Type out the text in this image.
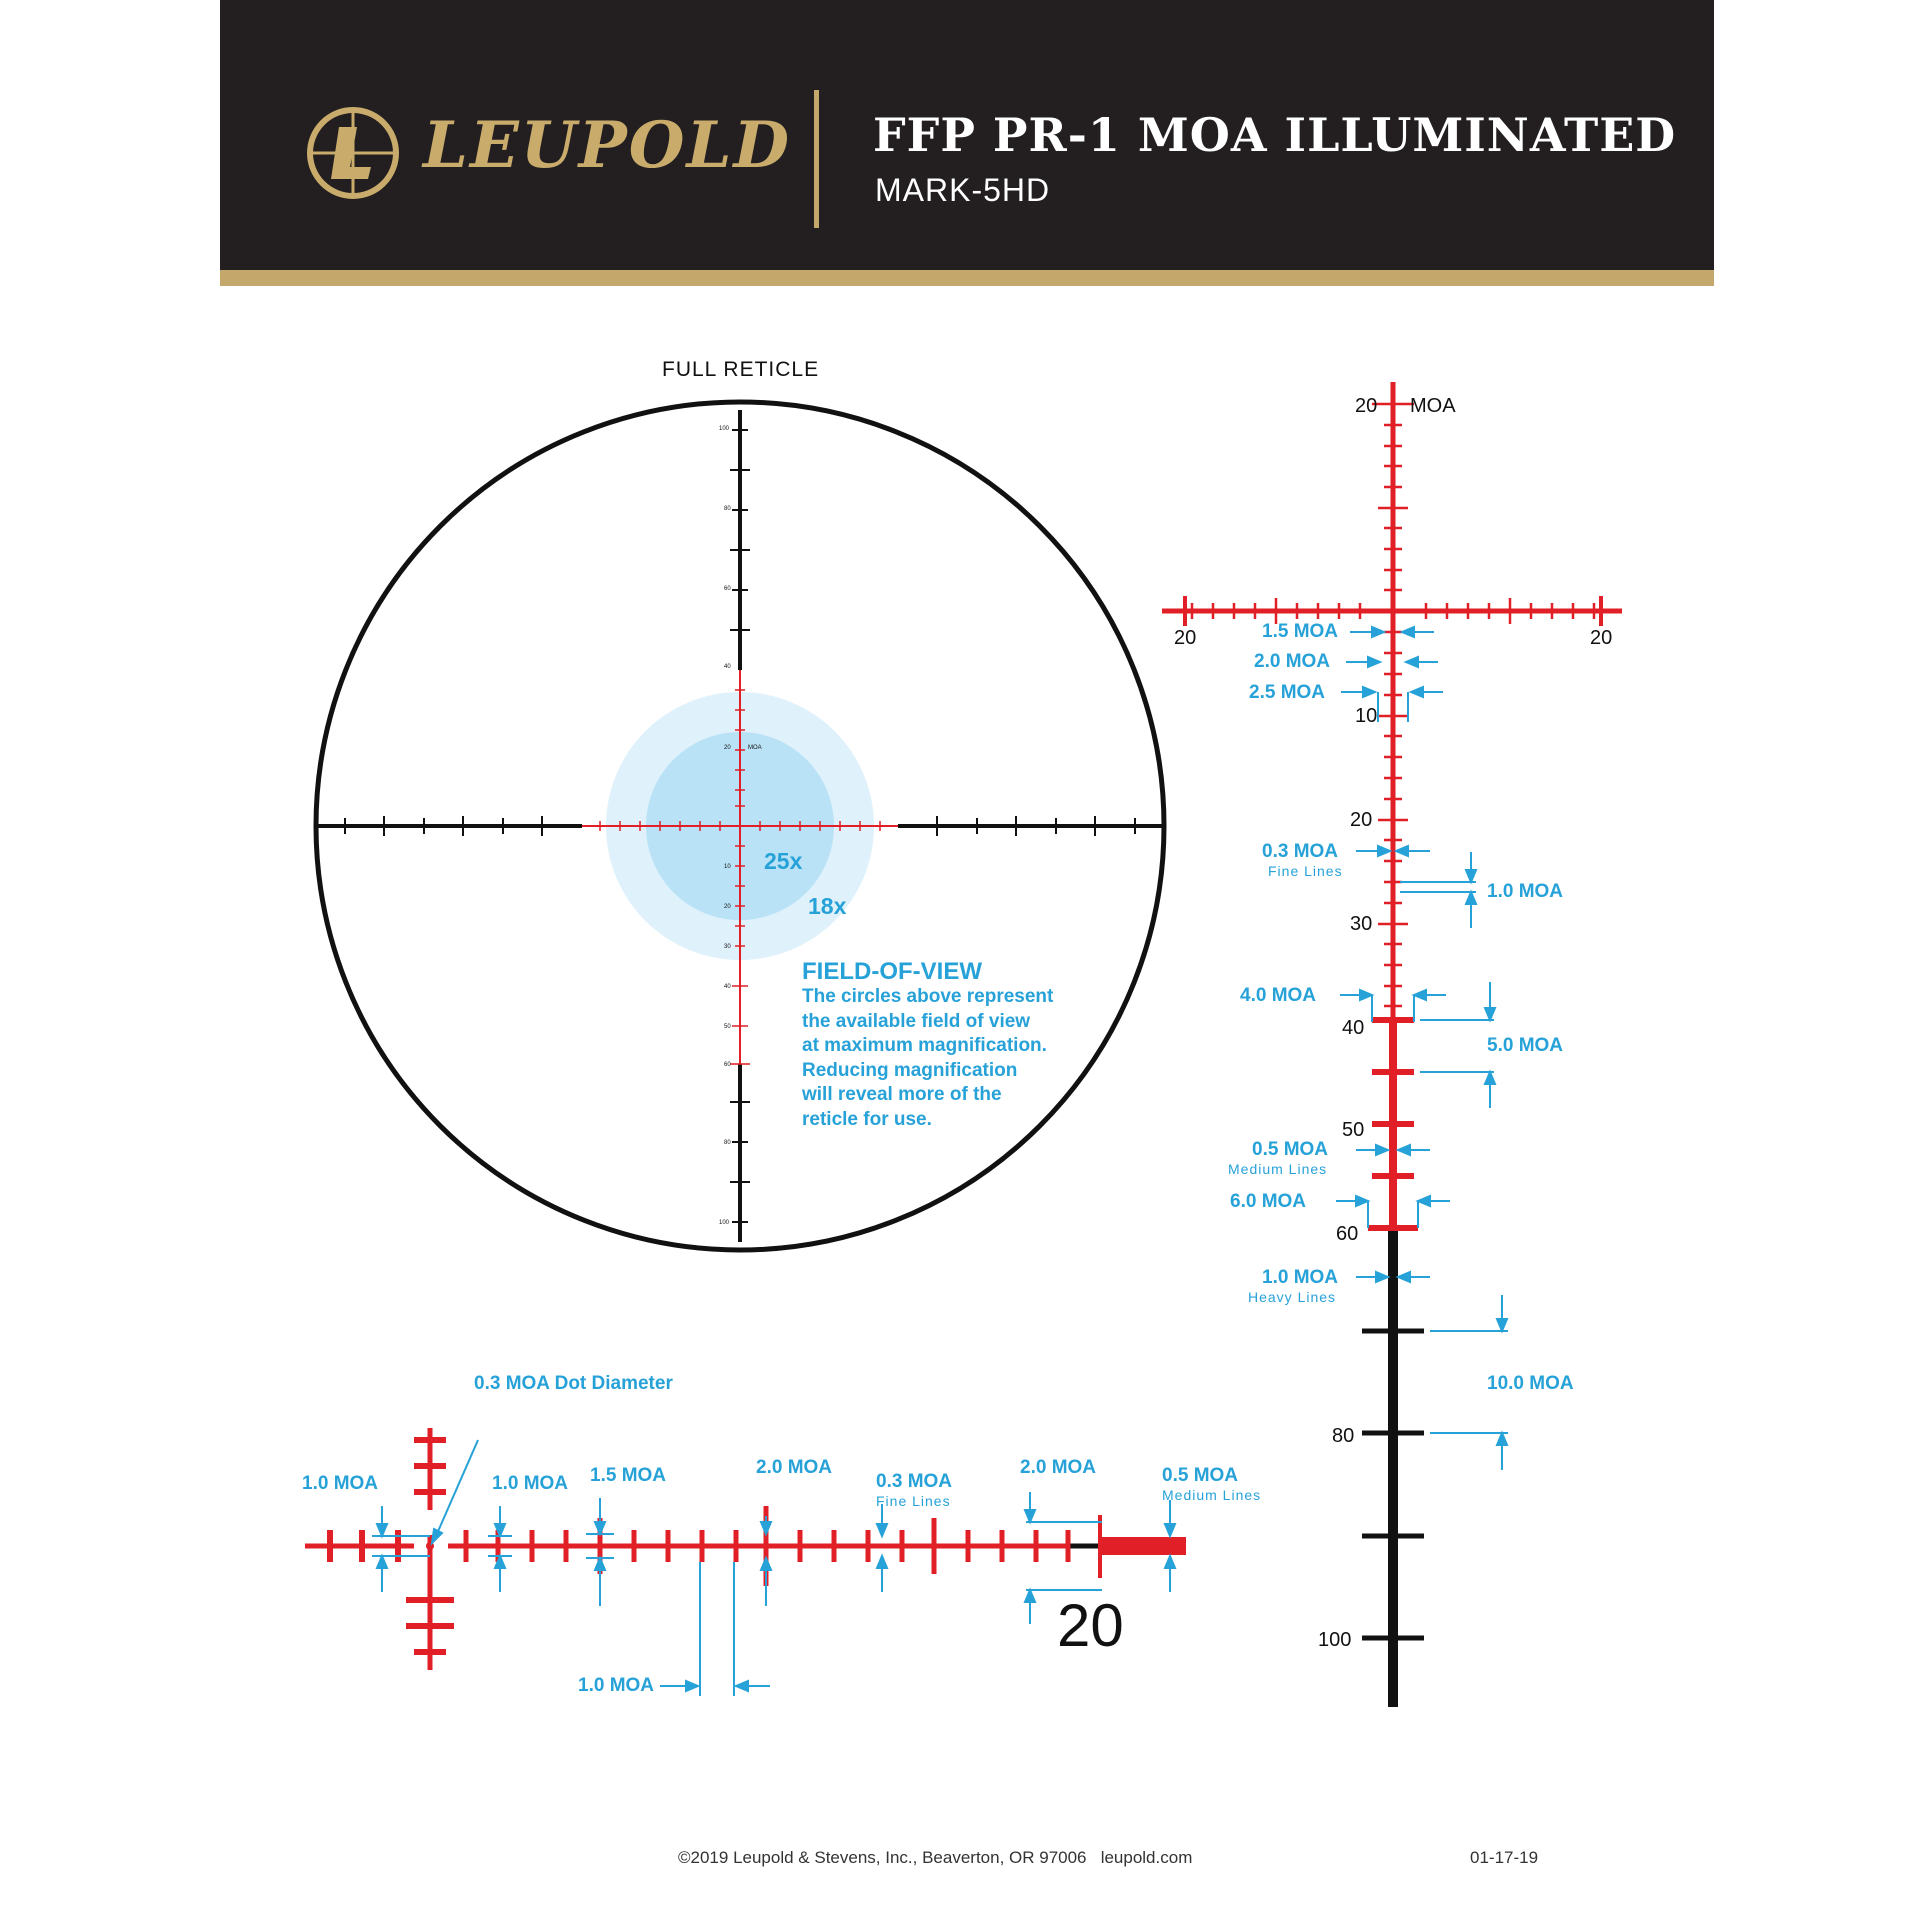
LEUPOLD FFP PR-1 MOA ILLUMINATED
MARK-5HD
FULL RETICLE
100
80
60
40
20	MOA
10
20
30
40
50
60
80
100
25x
18x
FIELD-OF-VIEW
The circles above represent
the available field of view
at maximum magnification.
Reducing magnification
will reveal more of the
reticle for use.
20 MOA
20	20
10
20
30
40
50
60
80
100
1.5 MOA
2.0 MOA
2.5 MOA
0.3 MOA
Fine Lines
1.0 MOA
4.0 MOA
5.0 MOA
0.5 MOA
Medium Lines
6.0 MOA
1.0 MOA
Heavy Lines
10.0 MOA
0.3 MOA Dot Diameter
1.0 MOA	1.0 MOA 1.5 MOA	2.0 MOA
0.3 MOA
Fine Lines
2.0 MOA	0.5 MOA
Medium Lines
1.0 MOA
20
©2019 Leupold & Stevens, Inc., Beaverton, OR 97006 leupold.com	01-17-19
